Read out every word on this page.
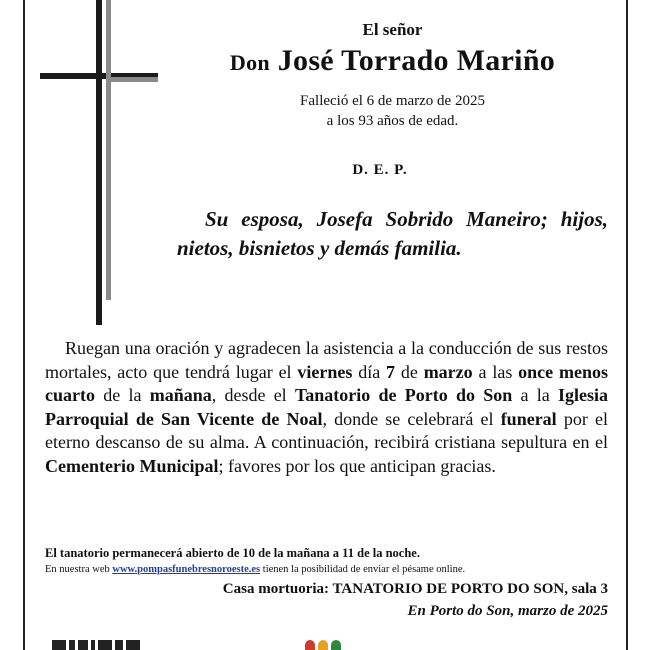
El señor
Don José Torrado Mariño
Falleció el 6 de marzo de 2025
a los 93 años de edad.
D. E. P.
Su esposa, Josefa Sobrido Maneiro; hijos, nietos, bisnietos y demás familia.
Ruegan una oración y agradecen la asistencia a la conducción de sus restos mortales, acto que tendrá lugar el viernes día 7 de marzo a las once menos cuarto de la mañana, desde el Tanatorio de Porto do Son a la Iglesia Parroquial de San Vicente de Noal, donde se celebrará el funeral por el eterno descanso de su alma. A continuación, recibirá cristiana sepultura en el Cementerio Municipal; favores por los que anticipan gracias.
El tanatorio permanecerá abierto de 10 de la mañana a 11 de la noche.
En nuestra web www.pompasfunebresnoroeste.es tienen la posibilidad de enviar el pésame online.
Casa mortuoria: TANATORIO DE PORTO DO SON, sala 3
En Porto do Son, marzo de 2025
